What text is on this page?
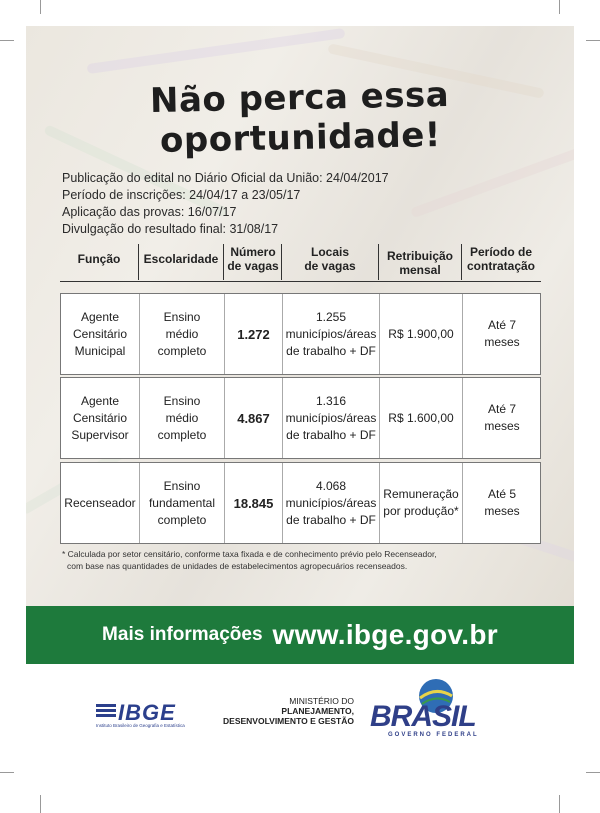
Não perca essa oportunidade!
Publicação do edital no Diário Oficial da União: 24/04/2017
Período de inscrições: 24/04/17 a 23/05/17
Aplicação das provas: 16/07/17
Divulgação do resultado final: 31/08/17
Função	Escolaridade Número
de vagas
Locais
de vagas
Retribuição
mensal
Período de
contratação
Agente
Censitário
Municipal
Ensino
médio
completo
1.272
1.255
municípios/áreas
de trabalho + DF
R$ 1.900,00
Até 7
meses
Agente
Censitário
Supervisor
Ensino
médio
completo
4.867
1.316
municípios/áreas
de trabalho + DF
R$ 1.600,00
Até 7
meses
Recenseador
Ensino
fundamental
completo
18.845
4.068
municípios/áreas
de trabalho + DF
Remuneração
por produção*
Até 5
meses
* Calculada por setor censitário, conforme taxa fixada e de conhecimento prévio pelo Recenseador,
com base nas quantidades de unidades de estabelecimentos agropecuários recenseados.
Mais informações www.ibge.gov.br
IBGE
Instituto Brasileiro de Geografia e Estatística
MINISTÉRIO DO
PLANEJAMENTO,
DESENVOLVIMENTO E GESTÃO BRASIL
GOVERNO FEDERAL
